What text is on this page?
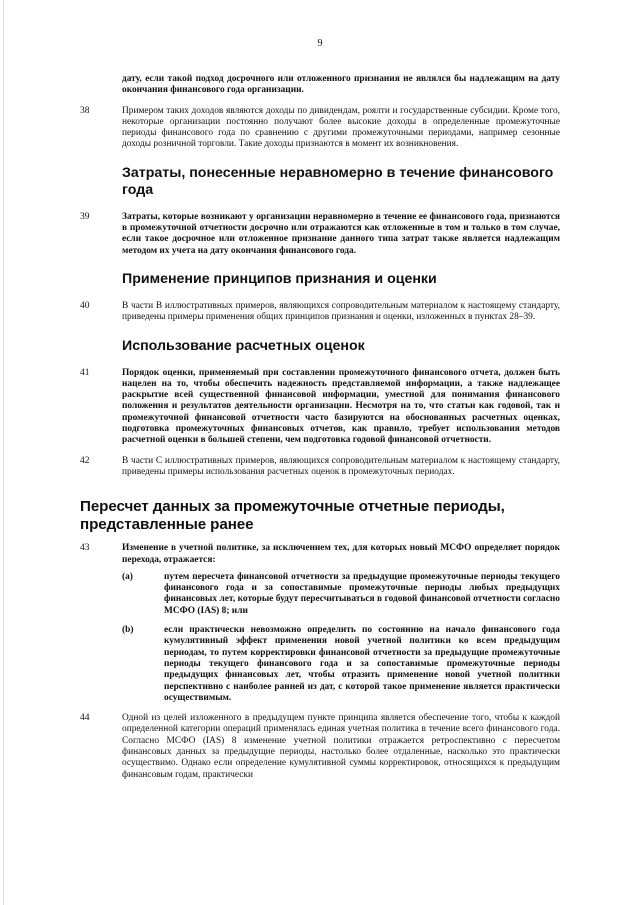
9
дату, если такой подход досрочного или отложенного признания не являлся бы надлежащим на дату окончания финансового года организации.
38	Примером таких доходов являются доходы по дивидендам, роялти и государственные субсидии. Кроме того, некоторые организации постоянно получают более высокие доходы в определенные промежуточные периоды финансового года по сравнению с другими промежуточными периодами, например сезонные доходы розничной торговли. Такие доходы признаются в момент их возникновения.
Затраты, понесенные неравномерно в течение финансового года
39	Затраты, которые возникают у организации неравномерно в течение ее финансового года, признаются в промежуточной отчетности досрочно или отражаются как отложенные в том и только в том случае, если такое досрочное или отложенное признание данного типа затрат также является надлежащим методом их учета на дату окончания финансового года.
Применение принципов признания и оценки
40	В части В иллюстративных примеров, являющихся сопроводительным материалом к настоящему стандарту, приведены примеры применения общих принципов признания и оценки, изложенных в пунктах 28–39.
Использование расчетных оценок
41	Порядок оценки, применяемый при составлении промежуточного финансового отчета, должен быть нацелен на то, чтобы обеспечить надежность представляемой информации, а также надлежащее раскрытие всей существенной финансовой информации, уместной для понимания финансового положения и результатов деятельности организации. Несмотря на то, что статьи как годовой, так и промежуточной финансовой отчетности часто базируются на обоснованных расчетных оценках, подготовка промежуточных финансовых отчетов, как правило, требует использования методов расчетной оценки в большей степени, чем подготовка годовой финансовой отчетности.
42	В части С иллюстративных примеров, являющихся сопроводительным материалом к настоящему стандарту, приведены примеры использования расчетных оценок в промежуточных периодах.
Пересчет данных за промежуточные отчетные периоды, представленные ранее
43	Изменение в учетной политике, за исключением тех, для которых новый МСФО определяет порядок перехода, отражается:
(a)	путем пересчета финансовой отчетности за предыдущие промежуточные периоды текущего финансового года и за сопоставимые промежуточные периоды любых предыдущих финансовых лет, которые будут пересчитываться в годовой финансовой отчетности согласно МСФО (IAS) 8; или
(b)	если практически невозможно определить по состоянию на начало финансового года кумулятивный эффект применения новой учетной политики ко всем предыдущим периодам, то путем корректировки финансовой отчетности за предыдущие промежуточные периоды текущего финансового года и за сопоставимые промежуточные периоды предыдущих финансовых лет, чтобы отразить применение новой учетной политики перспективно с наиболее ранней из дат, с которой такое применение является практически осуществимым.
44	Одной из целей изложенного в предыдущем пункте принципа является обеспечение того, чтобы к каждой определенной категории операций применялась единая учетная политика в течение всего финансового года. Согласно МСФО (IAS) 8 изменение учетной политики отражается ретроспективно с пересчетом финансовых данных за предыдущие периоды, настолько более отдаленные, насколько это практически осуществимо. Однако если определение кумулятивной суммы корректировок, относящихся к предыдущим финансовым годам, практически
